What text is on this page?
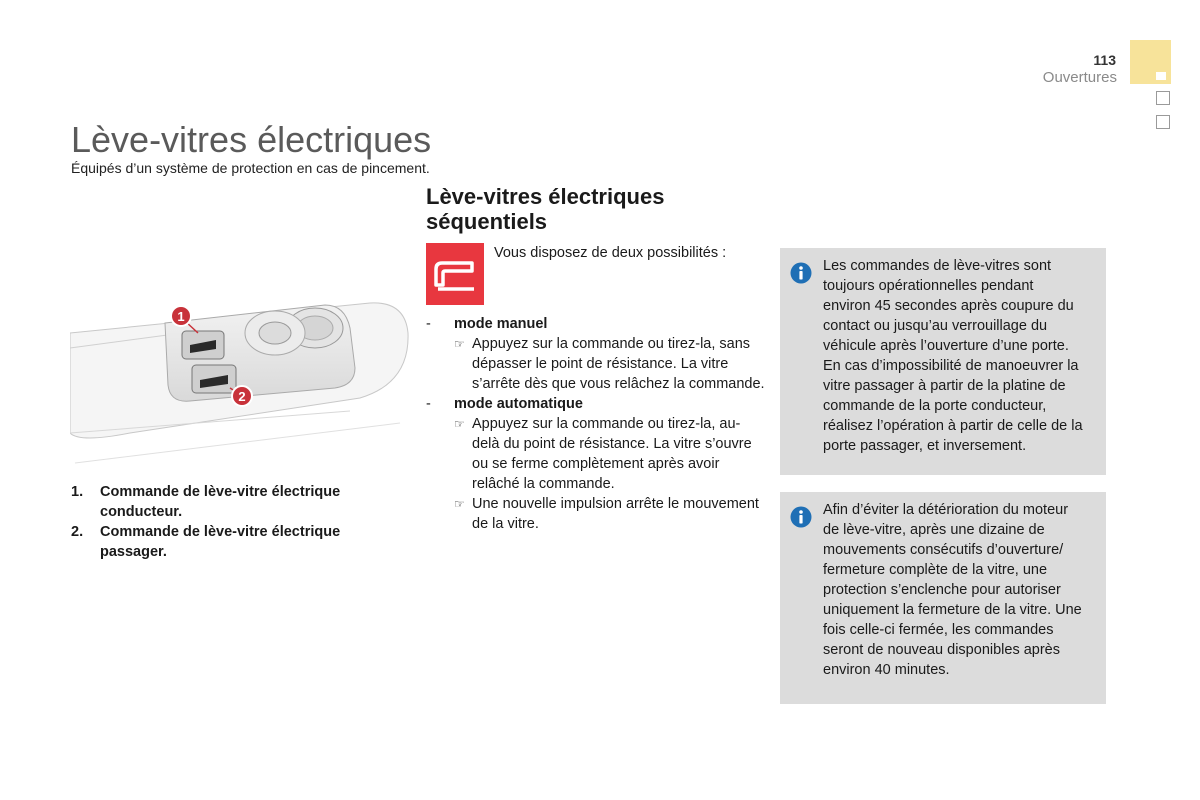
113
Ouvertures
Lève-vitres électriques
Équipés d’un système de protection en cas de pincement.
1
2
1. Commande de lève-vitre électrique conducteur.
2. Commande de lève-vitre électrique passager.
Lève-vitres électriques séquentiels
Vous disposez de deux possibilités :
- mode manuel
☞ Appuyez sur la commande ou tirez-la, sans dépasser le point de résistance. La vitre s’arrête dès que vous relâchez la commande.
- mode automatique
☞ Appuyez sur la commande ou tirez-la, au-delà du point de résistance. La vitre s’ouvre ou se ferme complètement après avoir relâché la commande.
☞ Une nouvelle impulsion arrête le mouvement de la vitre.
Les commandes de lève-vitres sont toujours opérationnelles pendant environ 45 secondes après coupure du contact ou jusqu’au verrouillage du véhicule après l’ouverture d’une porte. En cas d’impossibilité de manoeuvrer la vitre passager à partir de la platine de commande de la porte conducteur, réalisez l’opération à partir de celle de la porte passager, et inversement.
Afin d’éviter la détérioration du moteur de lève-vitre, après une dizaine de mouvements consécutifs d’ouverture/ fermeture complète de la vitre, une protection s’enclenche pour autoriser uniquement la fermeture de la vitre. Une fois celle-ci fermée, les commandes seront de nouveau disponibles après environ 40 minutes.
